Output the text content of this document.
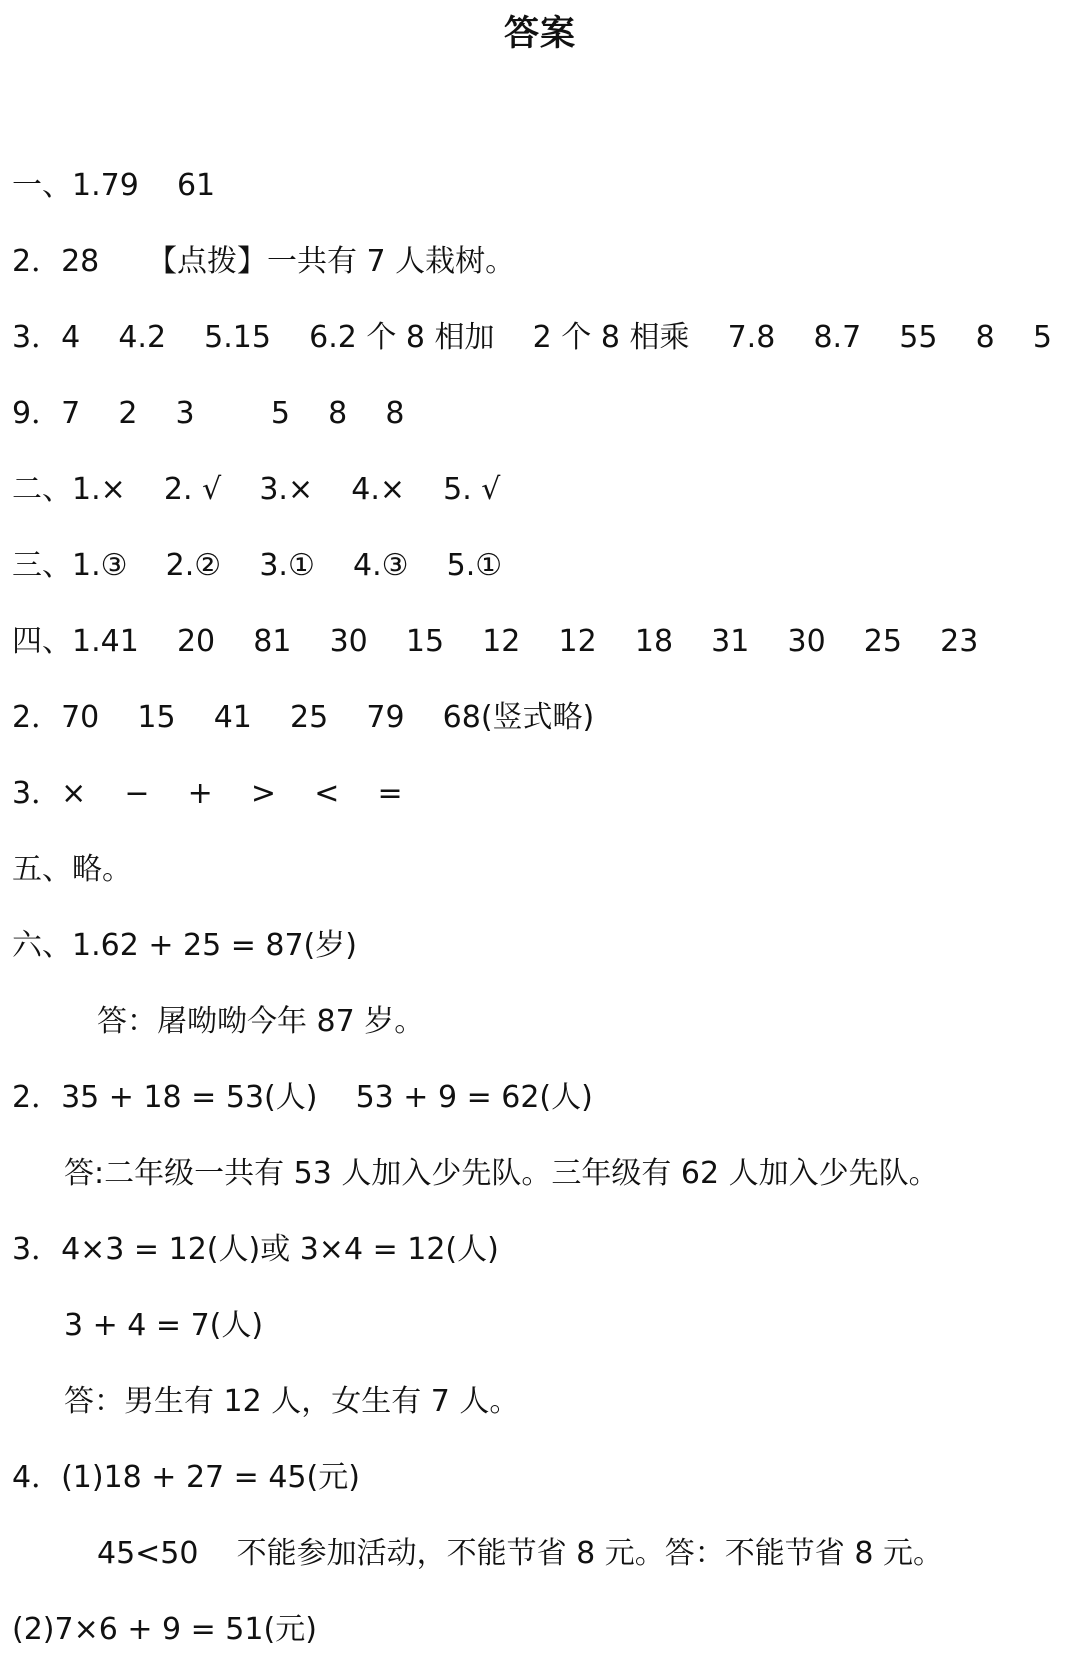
答案
一、1.79    61
2．28     【点拨】一共有 7 人栽树。
3．4    4.2    5.15    6.2 个 8 相加    2 个 8 相乘    7.8    8.7    55    8    5
9．7    2    3        5    8    8
二、1.×    2. √    3.×    4.×    5. √
三、1.③    2.②    3.①    4.③    5.①
四、1.41    20    81    30    15    12    12    18    31    30    25    23
2．70    15    41    25    79    68(竖式略)
3．×    −    +    >    <    =
五、略。
六、1.62 + 25 = 87(岁)
答：屠呦呦今年 87 岁。
2．35 + 18 = 53(人)    53 + 9 = 62(人)
答:二年级一共有 53 人加入少先队。三年级有 62 人加入少先队。
3．4×3 = 12(人)或 3×4 = 12(人)
3 + 4 = 7(人)
答：男生有 12 人，女生有 7 人。
4．(1)18 + 27 = 45(元)
45<50    不能参加活动，不能节省 8 元。答：不能节省 8 元。
(2)7×6 + 9 = 51(元)
